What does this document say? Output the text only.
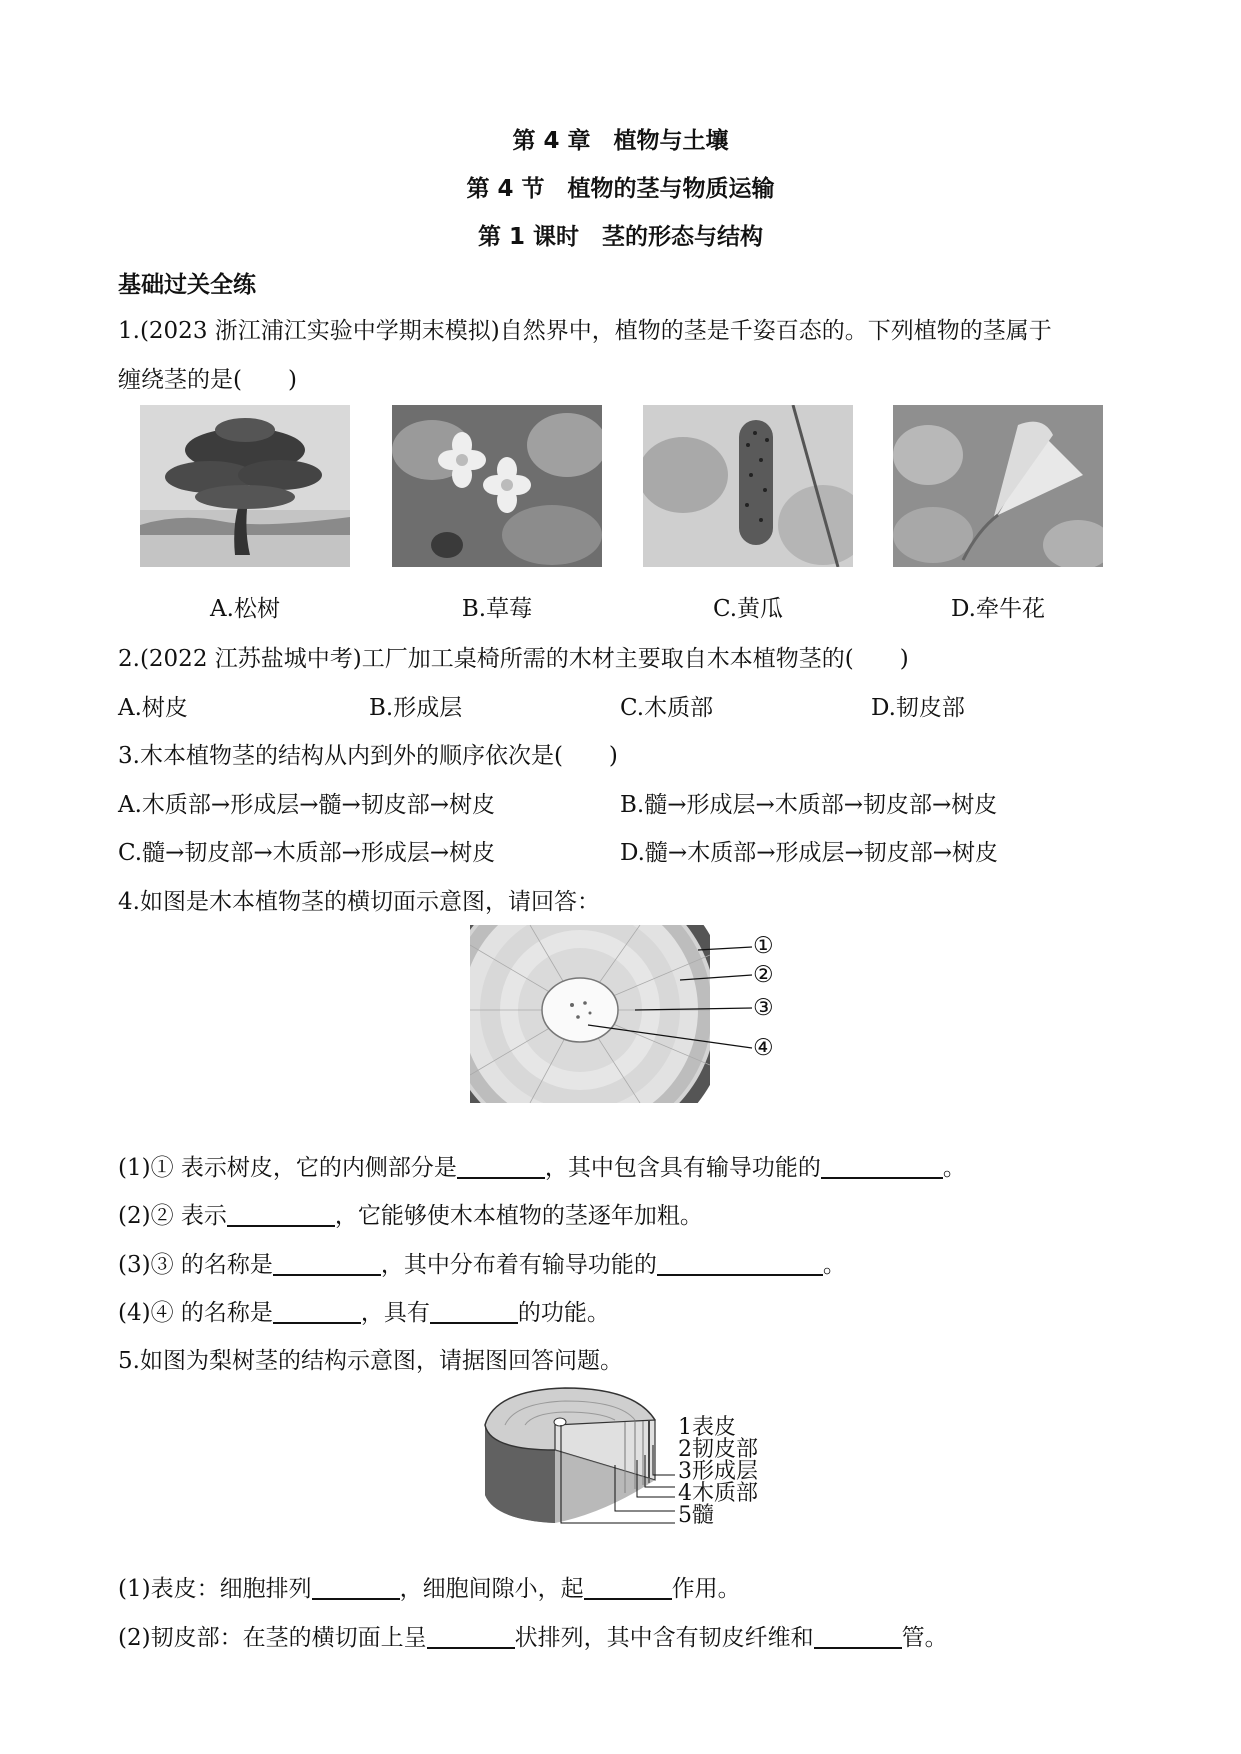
第 4 章　植物与土壤
第 4 节　植物的茎与物质运输
第 1 课时　茎的形态与结构
基础过关全练
1.(2023 浙江浦江实验中学期末模拟)自然界中，植物的茎是千姿百态的。下列植物的茎属于
缠绕茎的是(　　)
A.松树	B.草莓	C.黄瓜	D.牵牛花
2.(2022 江苏盐城中考)工厂加工桌椅所需的木材主要取自木本植物茎的(　　)
A.树皮	B.形成层	C.木质部	D.韧皮部
3.木本植物茎的结构从内到外的顺序依次是(　　)
A.木质部→形成层→髓→韧皮部→树皮	B.髓→形成层→木质部→韧皮部→树皮
C.髓→韧皮部→木质部→形成层→树皮	D.髓→木质部→形成层→韧皮部→树皮
4.如图是木本植物茎的横切面示意图，请回答：
①
②
③
④
(1)① 表示树皮，它的内侧部分是	，其中包含具有输导功能的	。
(2)② 表示	，它能够使木本植物的茎逐年加粗。
(3)③ 的名称是	，其中分布着有输导功能的	。
(4)④ 的名称是	，具有	的功能。
5.如图为梨树茎的结构示意图，请据图回答问题。
1表皮
2韧皮部
3形成层
4木质部
5髓
(1)表皮：细胞排列	，细胞间隙小，起	作用。
(2)韧皮部：在茎的横切面上呈	状排列，其中含有韧皮纤维和	管。
